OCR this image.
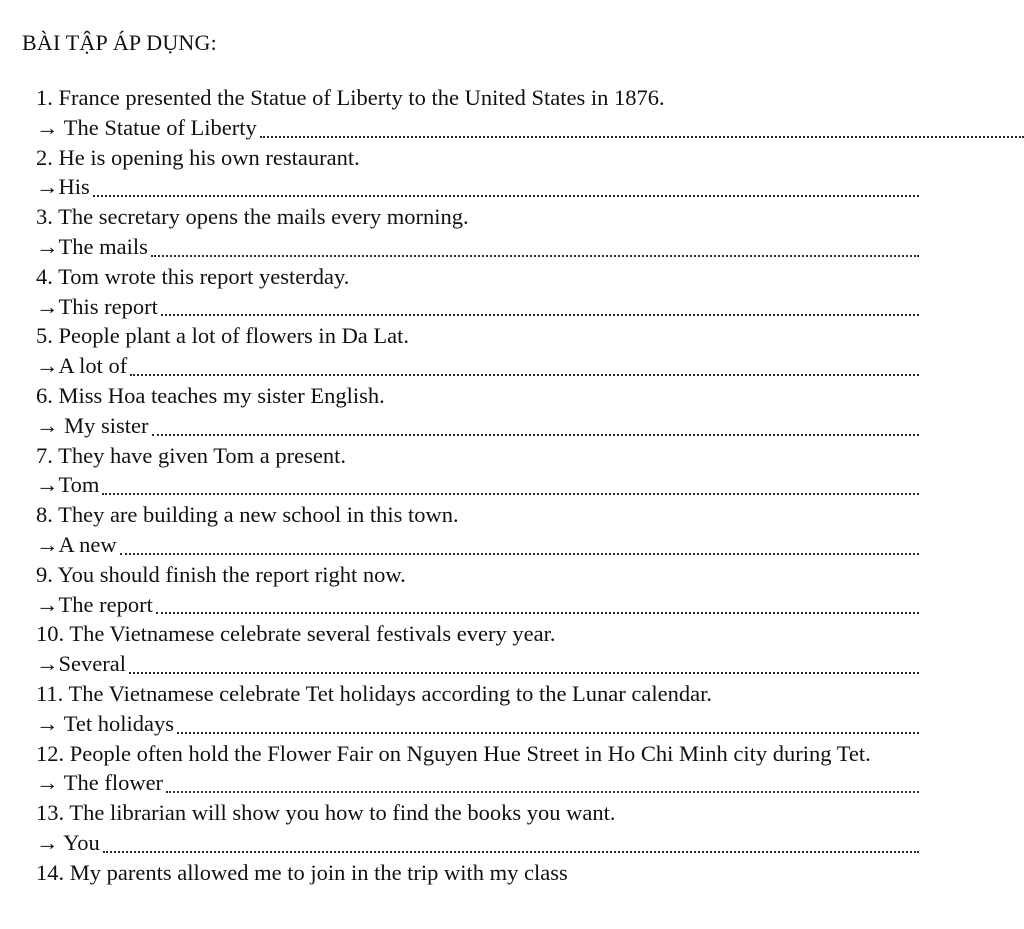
BÀI TẬP ÁP DỤNG:
1. France presented the Statue of Liberty to the United States in 1876.
→ The Statue of Liberty
2. He is opening his own restaurant.
→ His
3. The secretary opens the mails every morning.
→ The mails
4. Tom wrote this report yesterday.
→ This report
5. People plant a lot of flowers in Da Lat.
→ A lot of
6. Miss Hoa teaches my sister English.
→ My sister
7. They have given Tom a present.
→ Tom
8. They are building a new school in this town.
→ A new
9. You should finish the report right now.
→ The report
10. The Vietnamese celebrate several festivals every year.
→ Several
11. The Vietnamese celebrate Tet holidays according to the Lunar calendar.
→ Tet holidays
12. People often hold the Flower Fair on Nguyen Hue Street in Ho Chi Minh city during Tet.
→ The flower
13. The librarian will show you how to find the books you want.
→ You
14. My parents allowed me to join in the trip with my class
